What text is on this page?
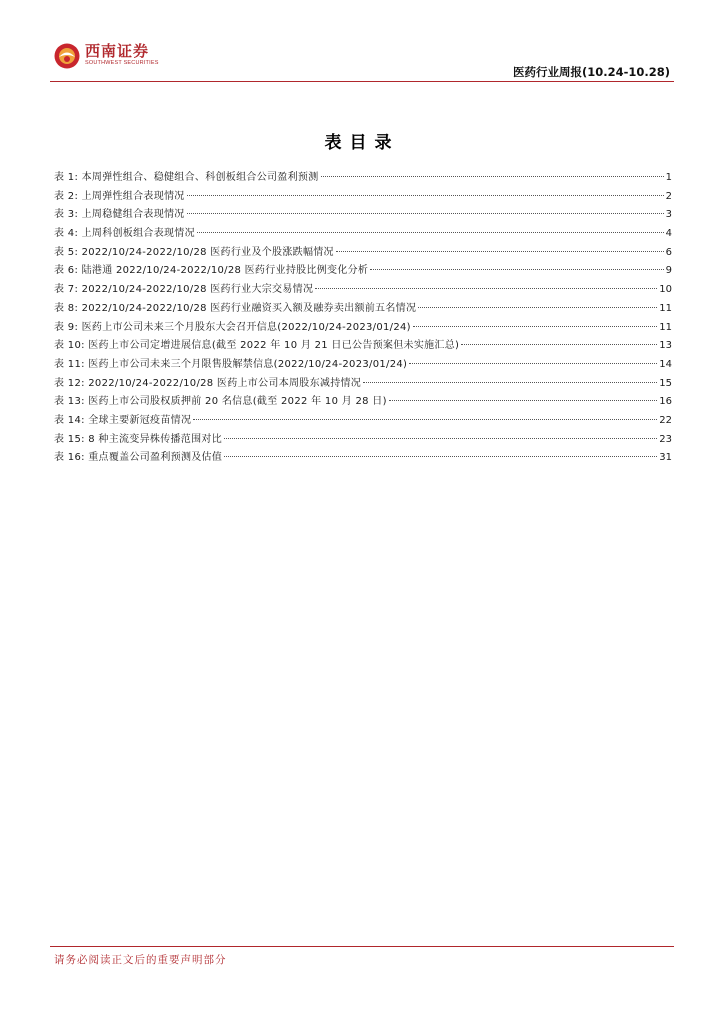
西南证券
SOUTHWEST SECURITIES
医药行业周报(10.24-10.28)
表目录
表 1: 本周弹性组合、稳健组合、科创板组合公司盈利预测	1
表 2: 上周弹性组合表现情况	2
表 3: 上周稳健组合表现情况	3
表 4: 上周科创板组合表现情况	4
表 5: 2022/10/24-2022/10/28 医药行业及个股涨跌幅情况	6
表 6: 陆港通 2022/10/24-2022/10/28 医药行业持股比例变化分析	9
表 7: 2022/10/24-2022/10/28 医药行业大宗交易情况	10
表 8: 2022/10/24-2022/10/28 医药行业融资买入额及融券卖出额前五名情况	11
表 9: 医药上市公司未来三个月股东大会召开信息(2022/10/24-2023/01/24)	11
表 10: 医药上市公司定增进展信息(截至 2022 年 10 月 21 日已公告预案但未实施汇总)	13
表 11: 医药上市公司未来三个月限售股解禁信息(2022/10/24-2023/01/24)	14
表 12: 2022/10/24-2022/10/28 医药上市公司本周股东减持情况	15
表 13: 医药上市公司股权质押前 20 名信息(截至 2022 年 10 月 28 日)	16
表 14: 全球主要新冠疫苗情况	22
表 15: 8 种主流变异株传播范围对比	23
表 16: 重点覆盖公司盈利预测及估值	31
请务必阅读正文后的重要声明部分
